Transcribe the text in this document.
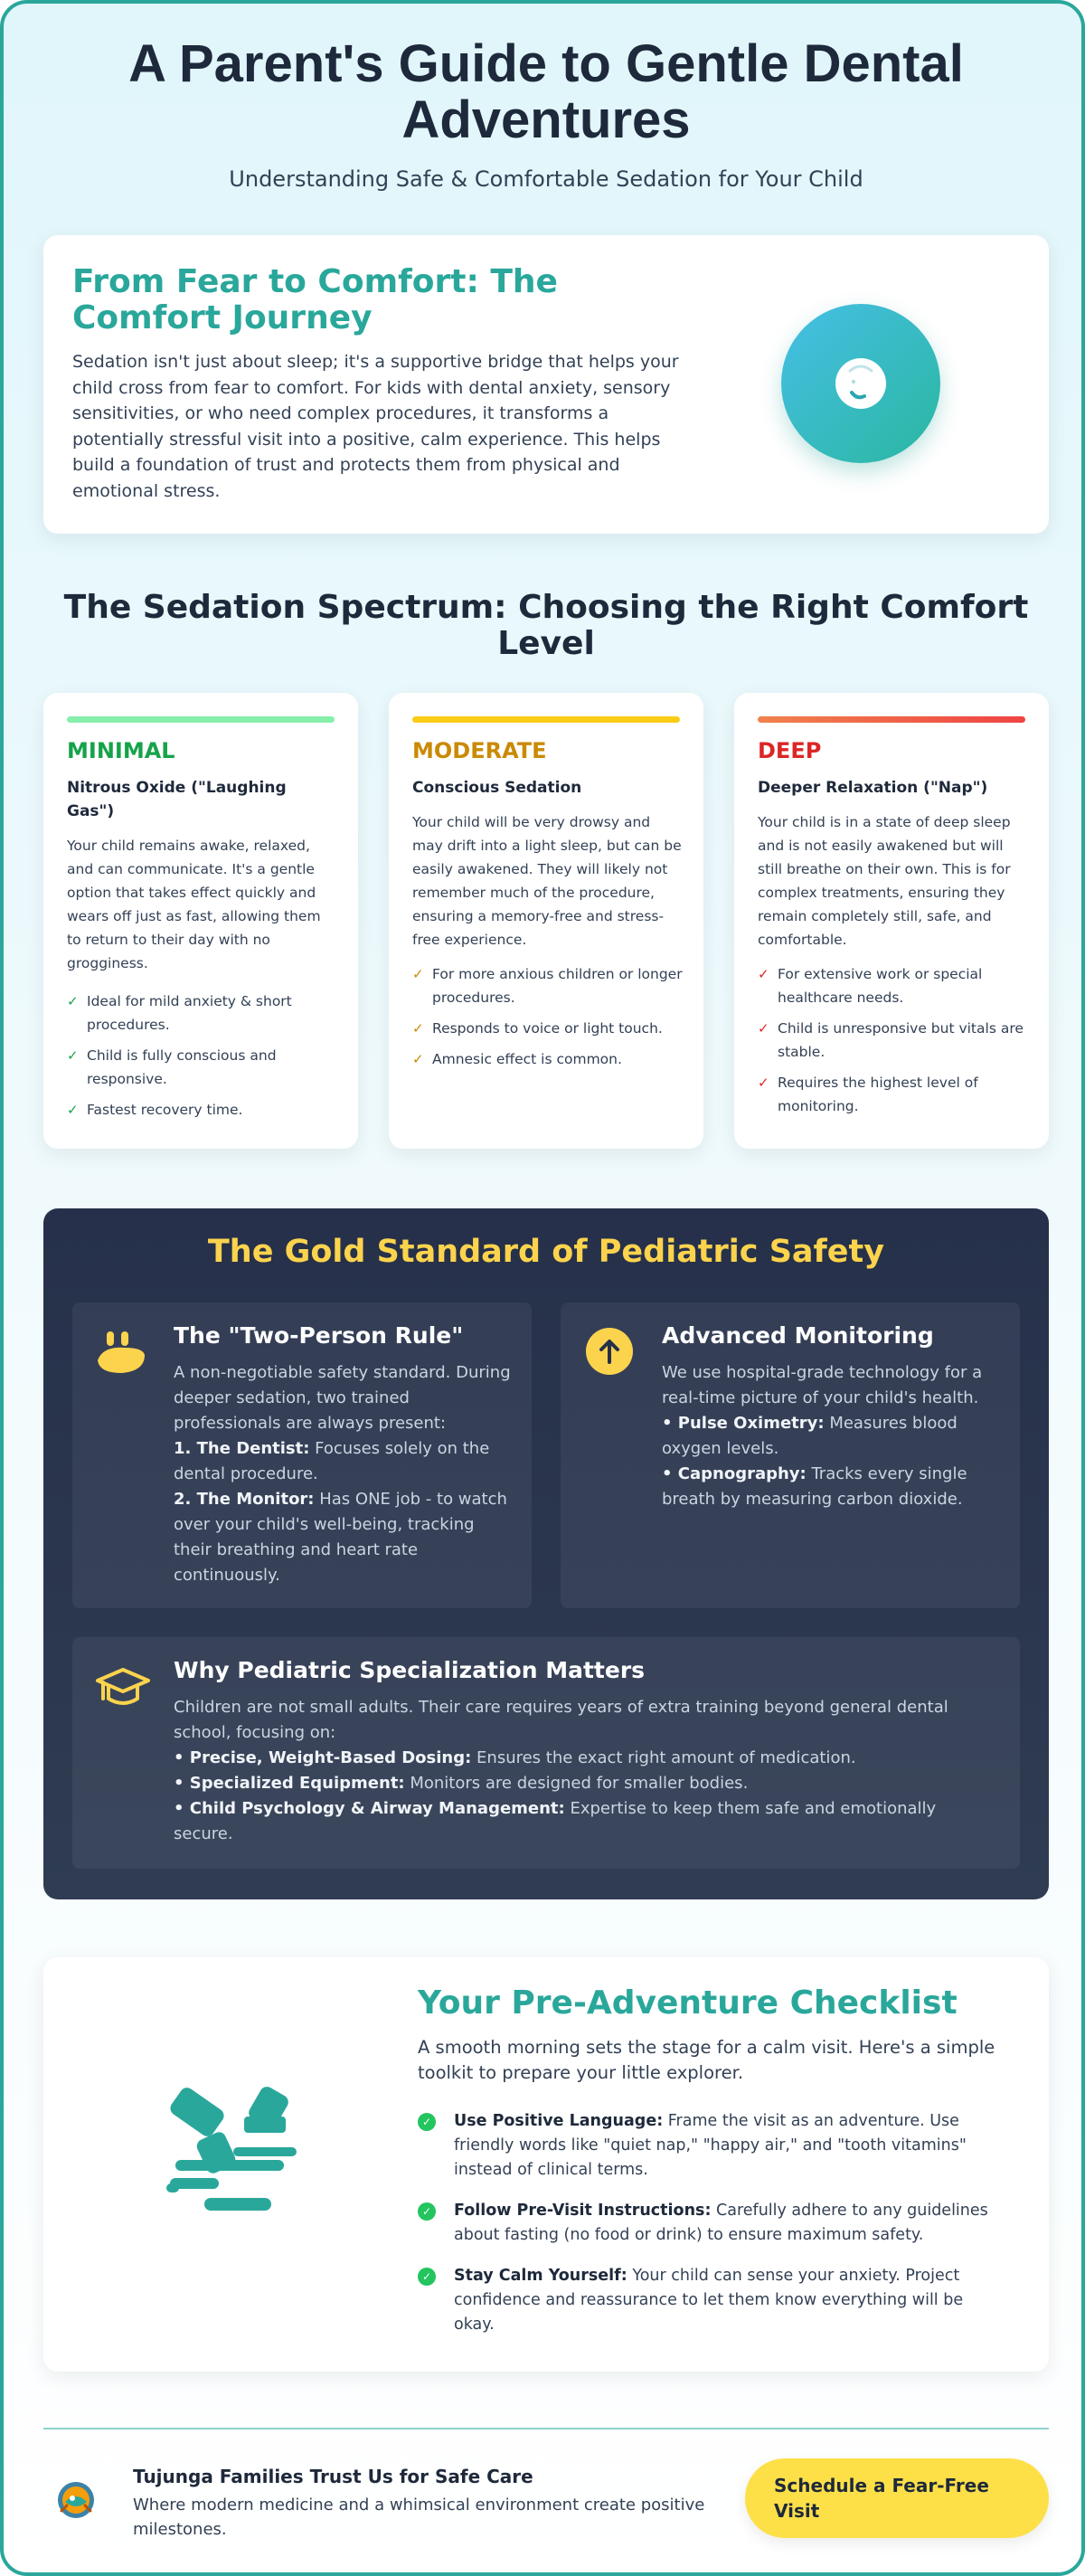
A Parent's Guide to Gentle Dental Adventures

Understanding Safe & Comfortable Sedation for Your Child

From Fear to Comfort: The Comfort Journey

Sedation isn't just about sleep; it's a supportive bridge that helps your child cross from fear to comfort. For kids with dental anxiety, sensory sensitivities, or who need complex procedures, it transforms a potentially stressful visit into a positive, calm experience. This helps build a foundation of trust and protects them from physical and emotional stress.

The Sedation Spectrum: Choosing the Right Comfort Level
MINIMAL
Nitrous Oxide ("Laughing Gas")
Your child remains awake, relaxed, and can communicate. It's a gentle option that takes effect quickly and wears off just as fast, allowing them to return to their day with no grogginess.
✓ Ideal for mild anxiety & short procedures.
✓ Child is fully conscious and responsive.
✓ Fastest recovery time.
MODERATE
Conscious Sedation
Your child will be very drowsy and may drift into a light sleep, but can be easily awakened. They will likely not remember much of the procedure, ensuring a memory-free and stress-free experience.
✓ For more anxious children or longer procedures.
✓ Responds to voice or light touch.
✓ Amnesic effect is common.
DEEP
Deeper Relaxation ("Nap")
Your child is in a state of deep sleep and is not easily awakened but will still breathe on their own. This is for complex treatments, ensuring they remain completely still, safe, and comfortable.
✓ For extensive work or special healthcare needs.
✓ Child is unresponsive but vitals are stable.
✓ Requires the highest level of monitoring.
The Gold Standard of Pediatric Safety
The "Two-Person Rule"
A non-negotiable safety standard. During deeper sedation, two trained professionals are always present:
1. The Dentist: Focuses solely on the dental procedure.
2. The Monitor: Has ONE job - to watch over your child's well-being, tracking their breathing and heart rate continuously.
Advanced Monitoring
We use hospital-grade technology for a real-time picture of your child's health.
• Pulse Oximetry: Measures blood oxygen levels.
• Capnography: Tracks every single breath by measuring carbon dioxide.
Why Pediatric Specialization Matters
Children are not small adults. Their care requires years of extra training beyond general dental school, focusing on:
• Precise, Weight-Based Dosing: Ensures the exact right amount of medication.
• Specialized Equipment: Monitors are designed for smaller bodies.
• Child Psychology & Airway Management: Expertise to keep them safe and emotionally secure.
Your Pre-Adventure Checklist

A smooth morning sets the stage for a calm visit. Here's a simple toolkit to prepare your little explorer.

✓ Use Positive Language: Frame the visit as an adventure. Use friendly words like "quiet nap," "happy air," and "tooth vitamins" instead of clinical terms.
✓ Follow Pre-Visit Instructions: Carefully adhere to any guidelines about fasting (no food or drink) to ensure maximum safety.
✓ Stay Calm Yourself: Your child can sense your anxiety. Project confidence and reassurance to let them know everything will be okay.
Tujunga Families Trust Us for Safe Care
Where modern medicine and a whimsical environment create positive milestones.
Schedule a Fear-Free Visit
